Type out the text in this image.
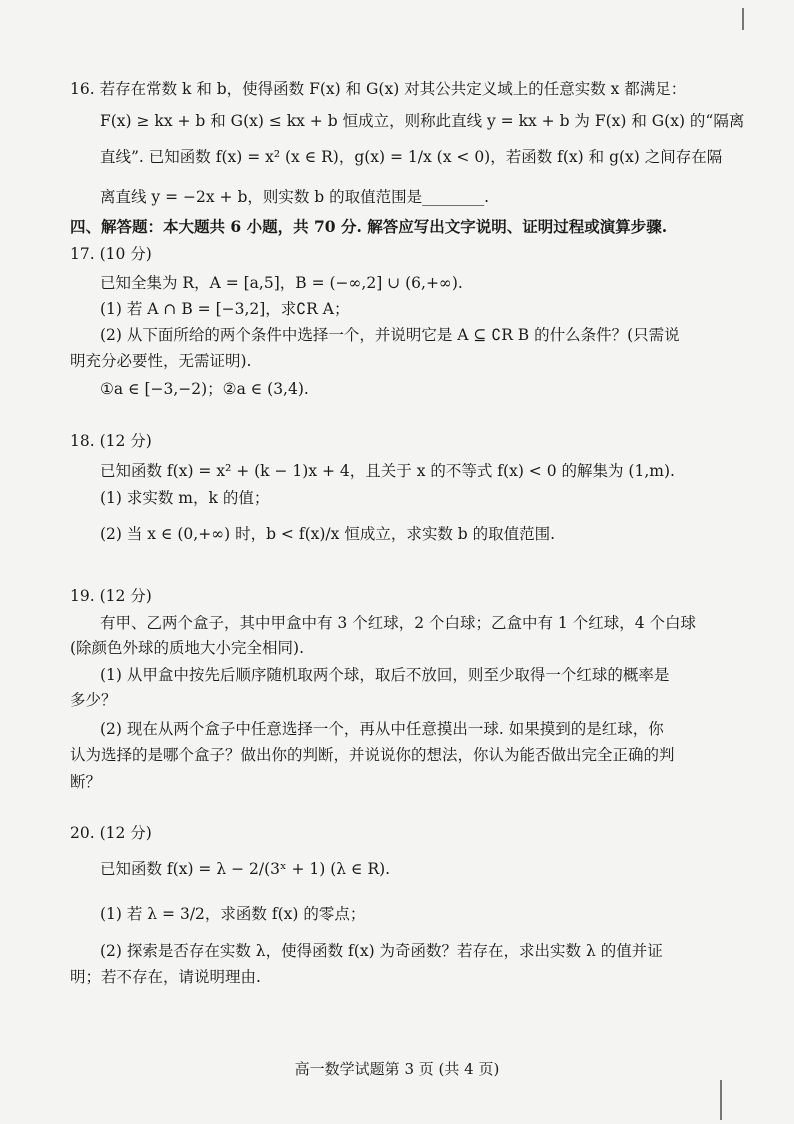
16. 若存在常数 k 和 b，使得函数 F(x) 和 G(x) 对其公共定义域上的任意实数 x 都满足：
F(x) ≥ kx + b 和 G(x) ≤ kx + b 恒成立，则称此直线 y = kx + b 为 F(x) 和 G(x) 的“隔离
直线”. 已知函数 f(x) = x² (x ∈ R)，g(x) = 1/x (x < 0)，若函数 f(x) 和 g(x) 之间存在隔
离直线 y = −2x + b，则实数 b 的取值范围是________.
四、解答题：本大题共 6 小题，共 70 分. 解答应写出文字说明、证明过程或演算步骤.
17. (10 分)
已知全集为 R，A = [a,5]，B = (−∞,2] ∪ (6,+∞).
(1) 若 A ∩ B = [−3,2]，求∁R A；
(2) 从下面所给的两个条件中选择一个，并说明它是 A ⊆ ∁R B 的什么条件？(只需说
明充分必要性，无需证明).
①a ∈ [−3,−2)；②a ∈ (3,4).
18. (12 分)
已知函数 f(x) = x² + (k − 1)x + 4，且关于 x 的不等式 f(x) < 0 的解集为 (1,m).
(1) 求实数 m，k 的值；
(2) 当 x ∈ (0,+∞) 时，b < f(x)/x 恒成立，求实数 b 的取值范围.
19. (12 分)
有甲、乙两个盒子，其中甲盒中有 3 个红球，2 个白球；乙盒中有 1 个红球，4 个白球
(除颜色外球的质地大小完全相同).
(1) 从甲盒中按先后顺序随机取两个球，取后不放回，则至少取得一个红球的概率是
多少？
(2) 现在从两个盒子中任意选择一个，再从中任意摸出一球. 如果摸到的是红球，你
认为选择的是哪个盒子？做出你的判断，并说说你的想法，你认为能否做出完全正确的判
断？
20. (12 分)
已知函数 f(x) = λ − 2/(3ˣ + 1) (λ ∈ R).
(1) 若 λ = 3/2，求函数 f(x) 的零点；
(2) 探索是否存在实数 λ，使得函数 f(x) 为奇函数？若存在，求出实数 λ 的值并证
明；若不存在，请说明理由.
高一数学试题第 3 页 (共 4 页)
